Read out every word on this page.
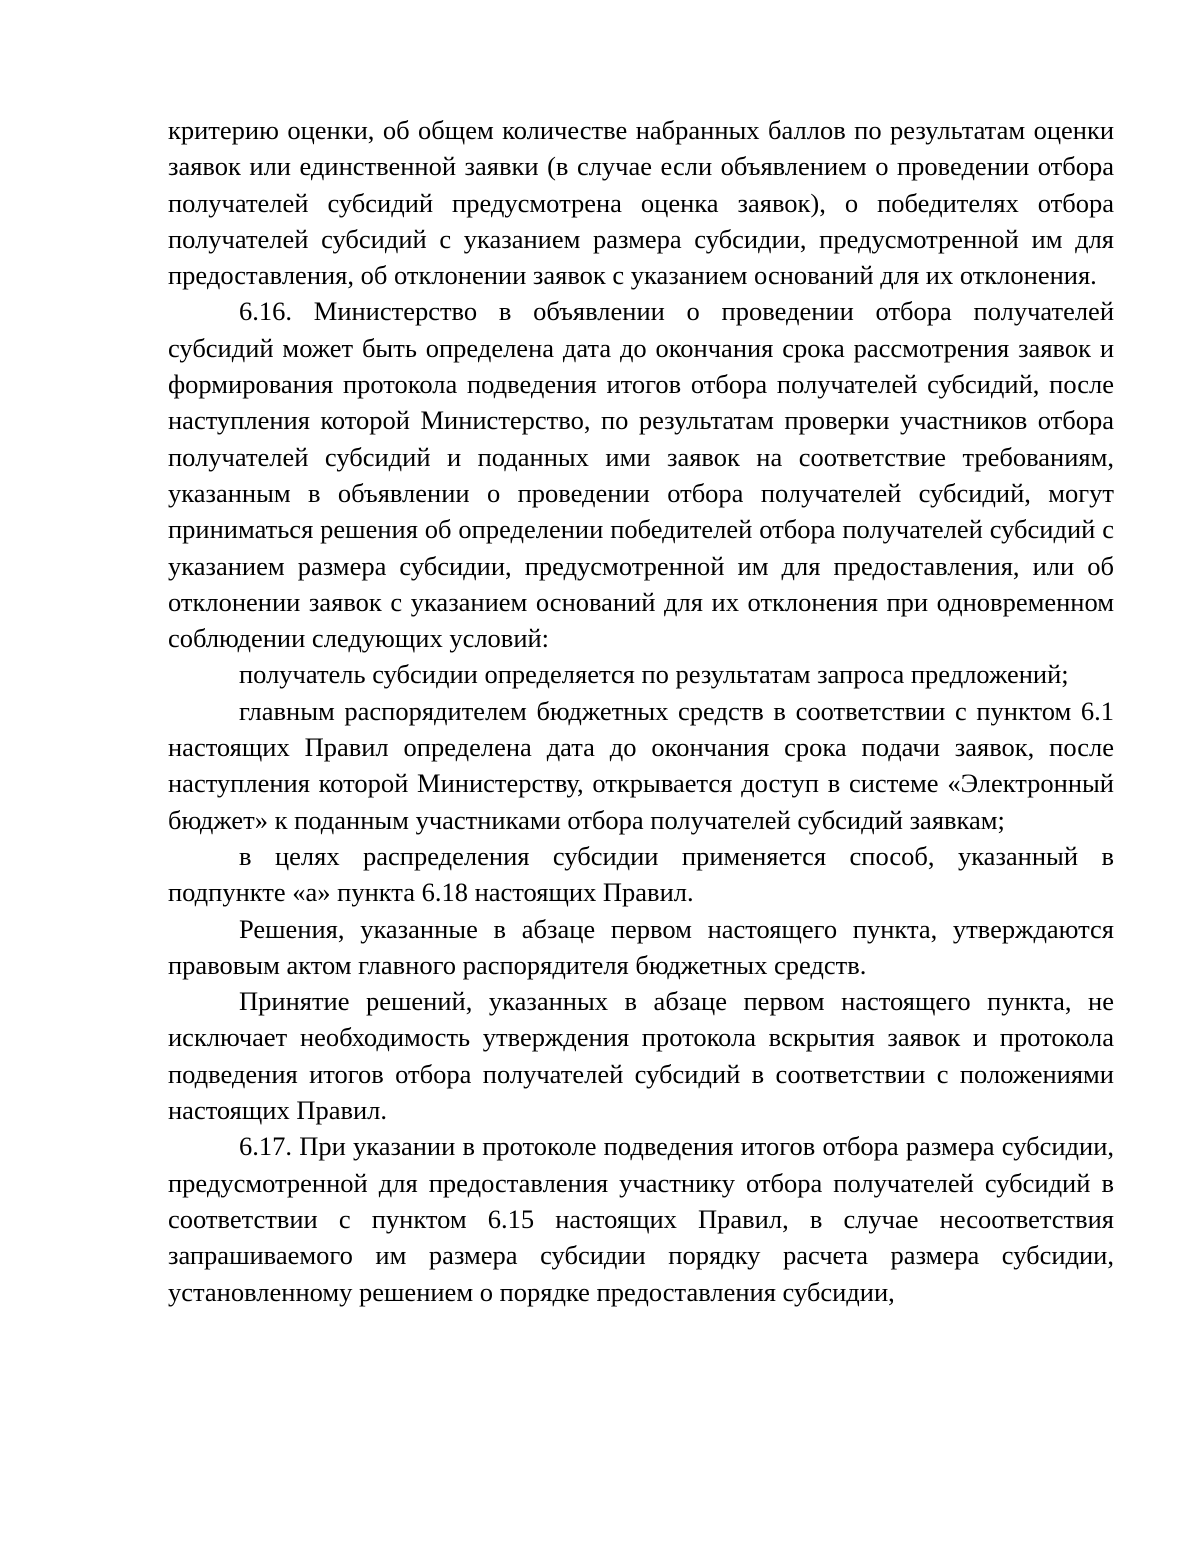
критерию оценки, об общем количестве набранных баллов по результатам оценки заявок или единственной заявки (в случае если объявлением о проведении отбора получателей субсидий предусмотрена оценка заявок), о победителях отбора получателей субсидий с указанием размера субсидии, предусмотренной им для предоставления, об отклонении заявок с указанием оснований для их отклонения.

6.16. Министерство в объявлении о проведении отбора получателей субсидий может быть определена дата до окончания срока рассмотрения заявок и формирования протокола подведения итогов отбора получателей субсидий, после наступления которой Министерство, по результатам проверки участников отбора получателей субсидий и поданных ими заявок на соответствие требованиям, указанным в объявлении о проведении отбора получателей субсидий, могут приниматься решения об определении победителей отбора получателей субсидий с указанием размера субсидии, предусмотренной им для предоставления, или об отклонении заявок с указанием оснований для их отклонения при одновременном соблюдении следующих условий:

получатель субсидии определяется по результатам запроса предложений;

главным распорядителем бюджетных средств в соответствии с пунктом 6.1 настоящих Правил определена дата до окончания срока подачи заявок, после наступления которой Министерству, открывается доступ в системе «Электронный бюджет» к поданным участниками отбора получателей субсидий заявкам;

в целях распределения субсидии применяется способ, указанный в подпункте «а» пункта 6.18 настоящих Правил.

Решения, указанные в абзаце первом настоящего пункта, утверждаются правовым актом главного распорядителя бюджетных средств.

Принятие решений, указанных в абзаце первом настоящего пункта, не исключает необходимость утверждения протокола вскрытия заявок и протокола подведения итогов отбора получателей субсидий в соответствии с положениями настоящих Правил.

6.17. При указании в протоколе подведения итогов отбора размера субсидии, предусмотренной для предоставления участнику отбора получателей субсидий в соответствии с пунктом 6.15 настоящих Правил, в случае несоответствия запрашиваемого им размера субсидии порядку расчета размера субсидии, установленному решением о порядке предоставления субсидии,
